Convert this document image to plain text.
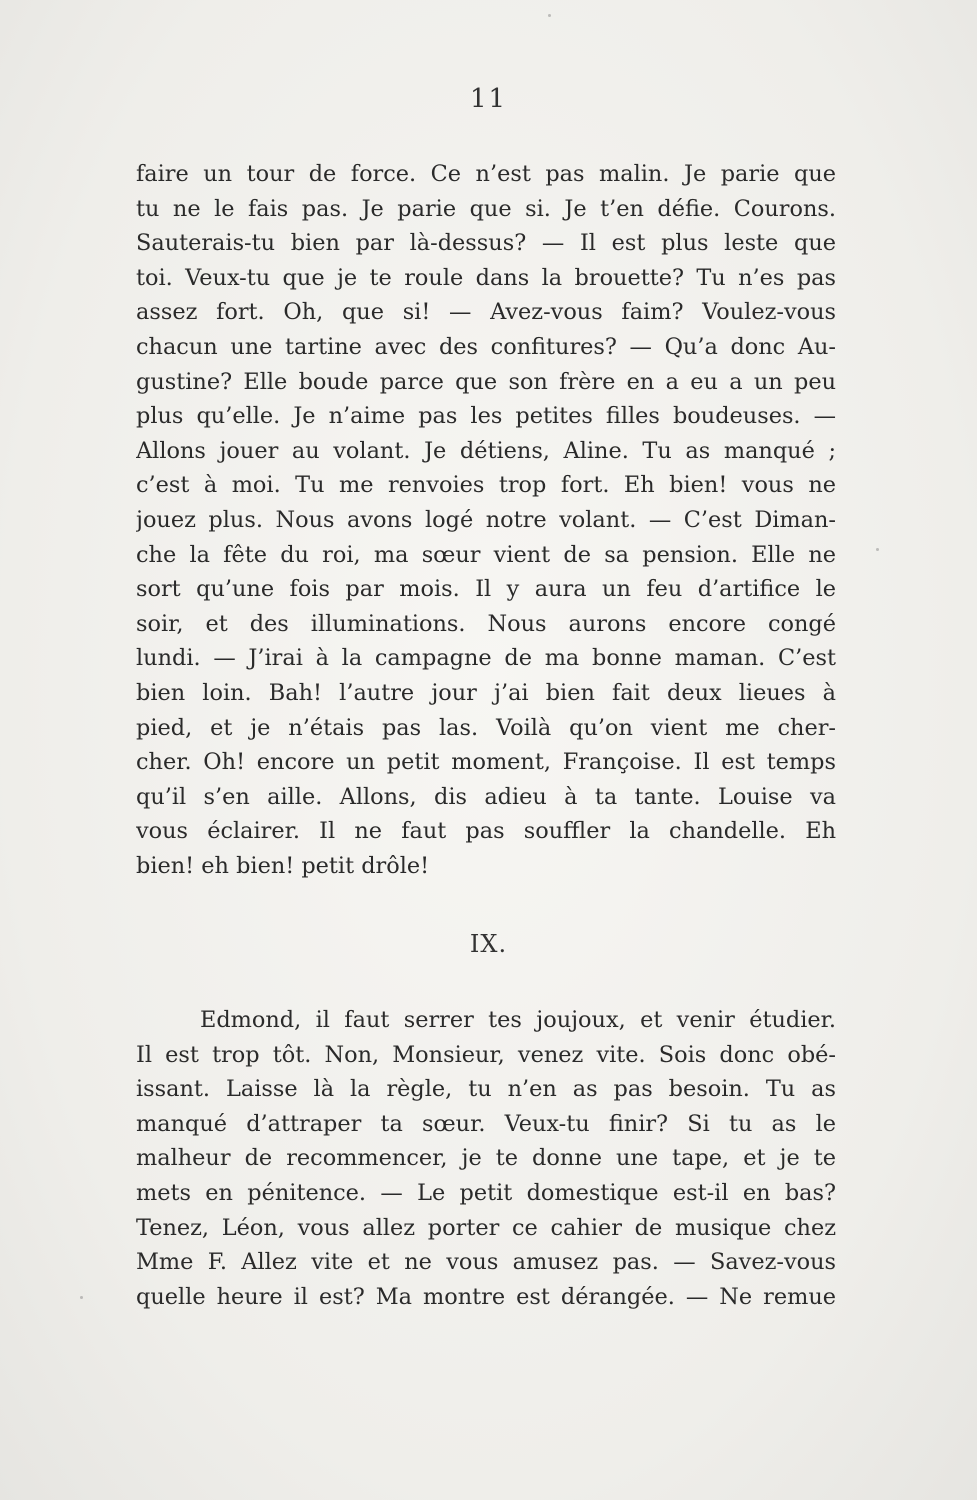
11
faire un tour de force. Ce n’est pas malin. Je parie que
tu ne le fais pas. Je parie que si. Je t’en défie. Courons.
Sauterais-tu bien par là-dessus? — Il est plus leste que
toi. Veux-tu que je te roule dans la brouette? Tu n’es pas
assez fort. Oh, que si! — Avez-vous faim? Voulez-vous
chacun une tartine avec des confitures? — Qu’a donc Au-
gustine? Elle boude parce que son frère en a eu a un peu
plus qu’elle. Je n’aime pas les petites filles boudeuses. —
Allons jouer au volant. Je détiens, Aline. Tu as manqué ;
c’est à moi. Tu me renvoies trop fort. Eh bien! vous ne
jouez plus. Nous avons logé notre volant. — C’est Diman-
che la fête du roi, ma sœur vient de sa pension. Elle ne
sort qu’une fois par mois. Il y aura un feu d’artifice le
soir, et des illuminations. Nous aurons encore congé
lundi. — J’irai à la campagne de ma bonne maman. C’est
bien loin. Bah! l’autre jour j’ai bien fait deux lieues à
pied, et je n’étais pas las. Voilà qu’on vient me cher-
cher. Oh! encore un petit moment, Françoise. Il est temps
qu’il s’en aille. Allons, dis adieu à ta tante. Louise va
vous éclairer. Il ne faut pas souffler la chandelle. Eh
bien! eh bien! petit drôle!
IX.
Edmond, il faut serrer tes joujoux, et venir étudier.
Il est trop tôt. Non, Monsieur, venez vite. Sois donc obé-
issant. Laisse là la règle, tu n’en as pas besoin. Tu as
manqué d’attraper ta sœur. Veux-tu finir? Si tu as le
malheur de recommencer, je te donne une tape, et je te
mets en pénitence. — Le petit domestique est-il en bas?
Tenez, Léon, vous allez porter ce cahier de musique chez
Mme F. Allez vite et ne vous amusez pas. — Savez-vous
quelle heure il est? Ma montre est dérangée. — Ne remue
